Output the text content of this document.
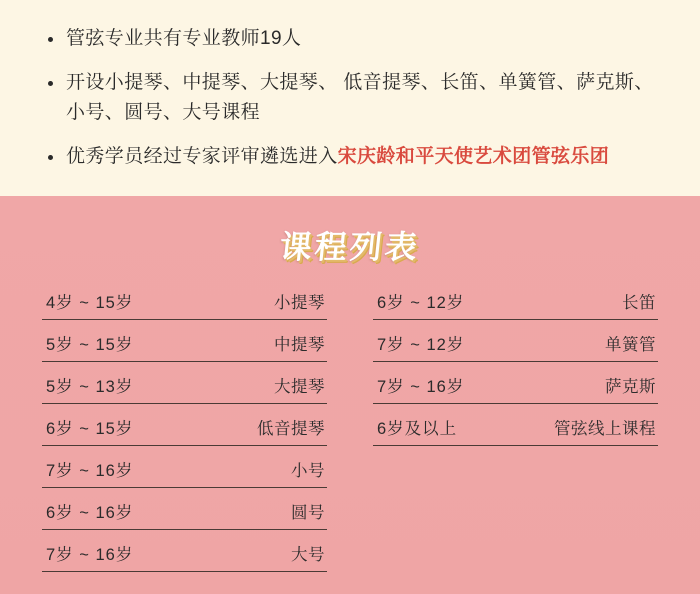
管弦专业共有专业教师19人
开设小提琴、中提琴、大提琴、 低音提琴、长笛、单簧管、萨克斯、小号、圆号、大号课程
优秀学员经过专家评审遴选进入宋庆龄和平天使艺术团管弦乐团
课程列表
4岁 ~ 15岁	小提琴
5岁 ~ 15岁	中提琴
5岁 ~ 13岁	大提琴
6岁 ~ 15岁	低音提琴
7岁 ~ 16岁	小号
6岁 ~ 16岁	圆号
7岁 ~ 16岁	大号
6岁 ~ 12岁	长笛
7岁 ~ 12岁	单簧管
7岁 ~ 16岁	萨克斯
6岁及以上	管弦线上课程
